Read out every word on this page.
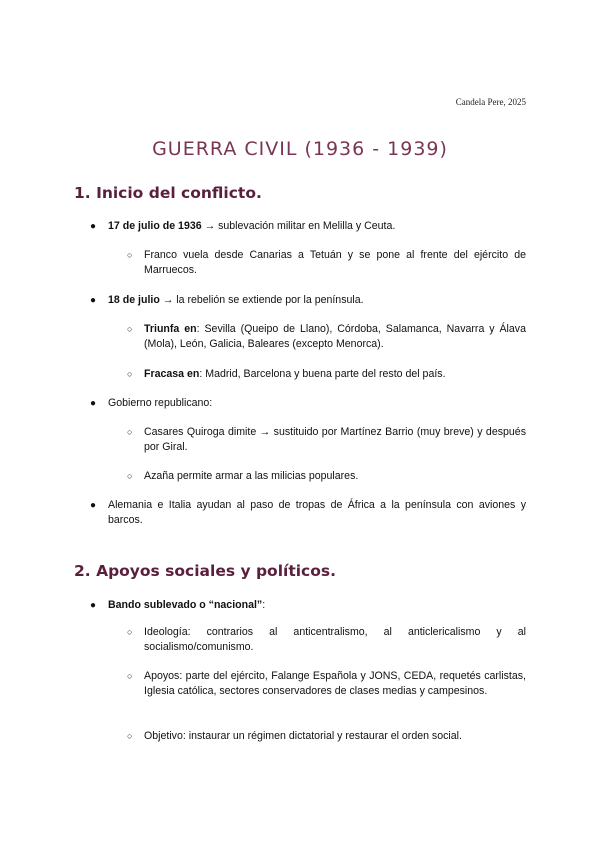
Candela Pere, 2025
GUERRA CIVIL (1936 - 1939)
1. Inicio del conflicto.
● 17 de julio de 1936 → sublevación militar en Melilla y Ceuta.
○ Franco vuela desde Canarias a Tetuán y se pone al frente del ejército de Marruecos.
● 18 de julio → la rebelión se extiende por la península.
○ Triunfa en: Sevilla (Queipo de Llano), Córdoba, Salamanca, Navarra y Álava (Mola), León, Galicia, Baleares (excepto Menorca).
○ Fracasa en: Madrid, Barcelona y buena parte del resto del país.
● Gobierno republicano:
○ Casares Quiroga dimite → sustituido por Martínez Barrio (muy breve) y después por Giral.
○ Azaña permite armar a las milicias populares.
● Alemania e Italia ayudan al paso de tropas de África a la península con aviones y barcos.
2. Apoyos sociales y políticos.
● Bando sublevado o “nacional”:
○ Ideología: contrarios al anticentralismo, al anticlericalismo y al socialismo/comunismo.
○ Apoyos: parte del ejército, Falange Española y JONS, CEDA, requetés carlistas, Iglesia católica, sectores conservadores de clases medias y campesinos.
○ Objetivo: instaurar un régimen dictatorial y restaurar el orden social.
